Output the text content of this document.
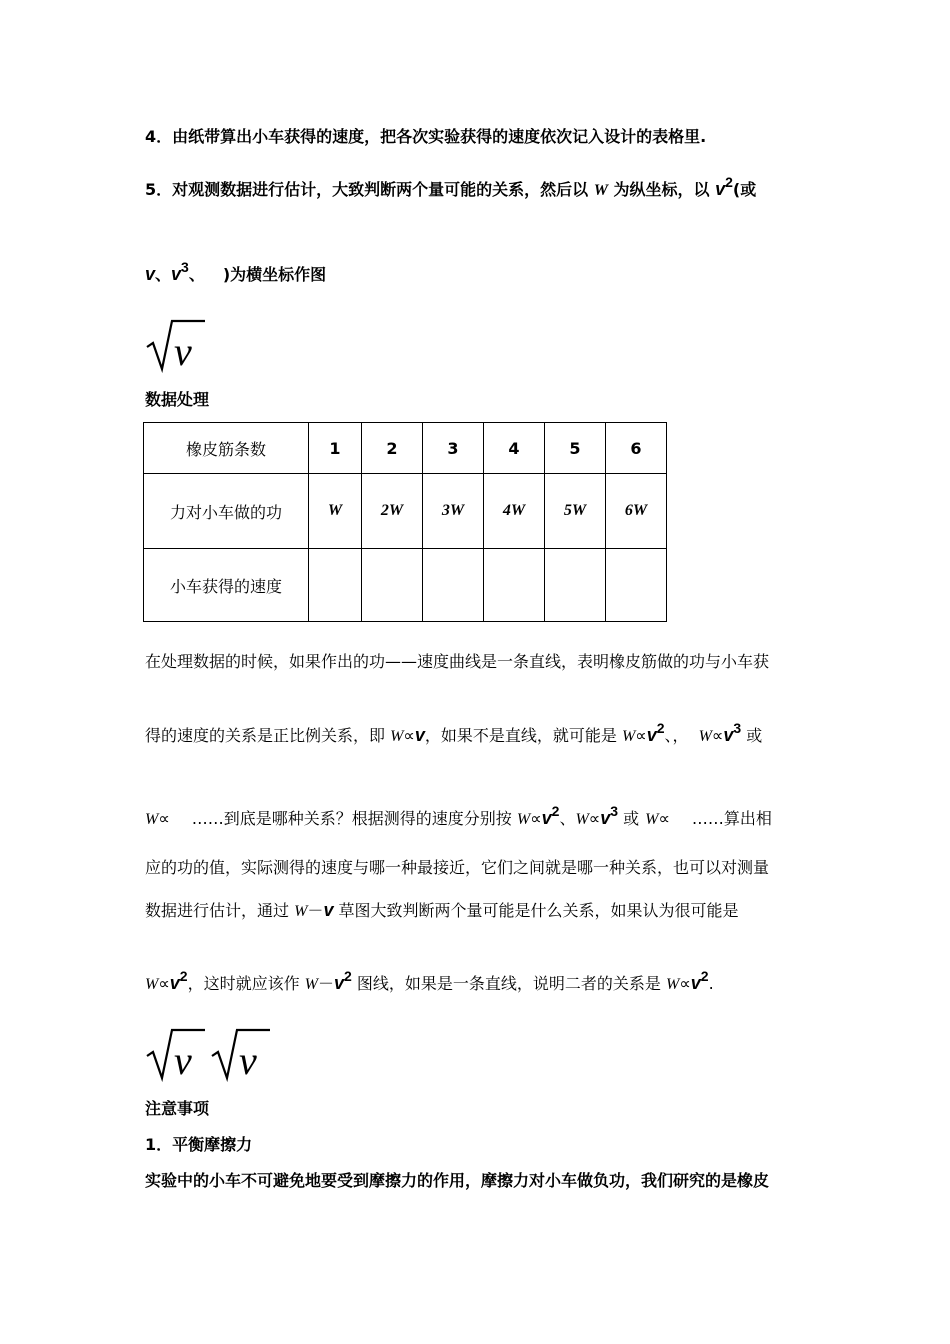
4．由纸带算出小车获得的速度，把各次实验获得的速度依次记入设计的表格里.
5．对观测数据进行估计，大致判断两个量可能的关系，然后以 W 为纵坐标，以 $v^2$(或
v、$v^3$、 )为横坐标作图
v
数据处理
橡皮筋条数	1	2	3	4	5	6
力对小车做的功	W	2W	3W	4W	5W	6W
小车获得的速度						
在处理数据的时候，如果作出的功——速度曲线是一条直线，表明橡皮筋做的功与小车获
得的速度的关系是正比例关系，即 W∝v，如果不是直线，就可能是 $W\propto v^2$、， $W\propto v^3$ 或
W∝ ……到底是哪种关系？根据测得的速度分别按 $W\propto v^2$、$W\propto v^3$ 或 W∝ ……算出相
应的功的值，实际测得的速度与哪一种最接近，它们之间就是哪一种关系，也可以对测量
数据进行估计，通过 W－v 草图大致判断两个量可能是什么关系，如果认为很可能是
$W\propto v^2$，这时就应该作 $W-v^2$ 图线，如果是一条直线，说明二者的关系是 $W\propto v^2$.
v v
注意事项
1．平衡摩擦力
实验中的小车不可避免地要受到摩擦力的作用，摩擦力对小车做负功，我们研究的是橡皮
